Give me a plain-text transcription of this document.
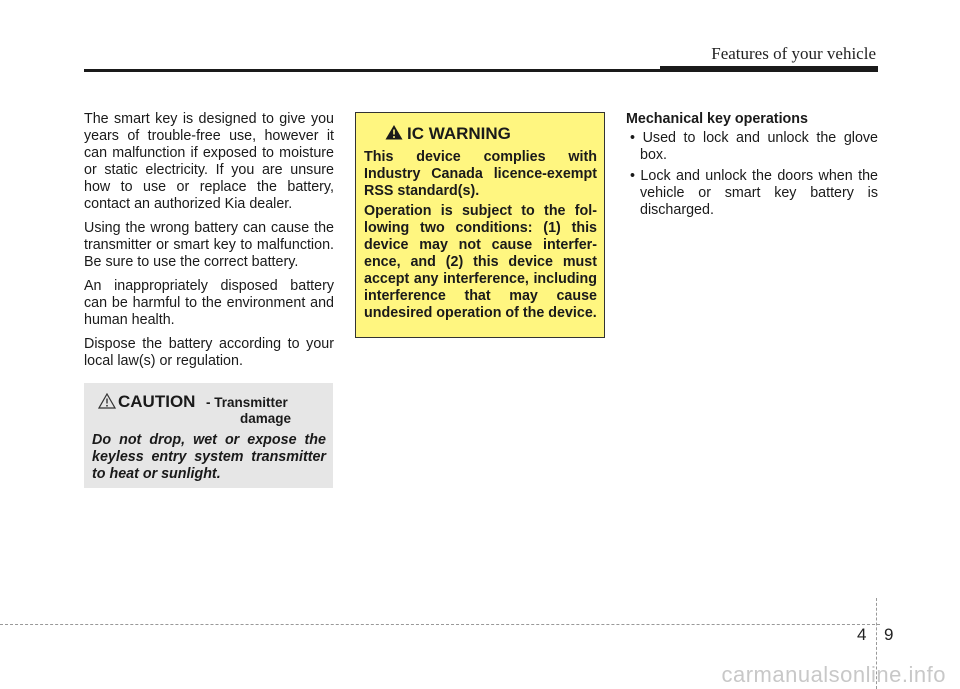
Features of your vehicle

The smart key is designed to give you years of trouble-free use, however it can malfunction if exposed to moisture or static electricity. If you are unsure how to use or replace the battery, contact an authorized Kia dealer.

Using the wrong battery can cause the transmitter or smart key to malfunction. Be sure to use the correct battery.

An inappropriately disposed battery can be harmful to the environment and human health.

Dispose the battery according to your local law(s) or regulation.

CAUTION - Transmitter
damage

Do not drop, wet or expose the keyless entry system transmitter to heat or sunlight.

IC WARNING

This device complies with Industry Canada licence-exempt RSS standard(s).

Operation is subject to the following two conditions: (1) this device may not cause interference, and (2) this device must accept any interference, including interference that may cause undesired operation of the device.

Mechanical key operations

• Used to lock and unlock the glove box.

• Lock and unlock the doors when the vehicle or smart key battery is discharged.

4 9
carmanualsonline.info
